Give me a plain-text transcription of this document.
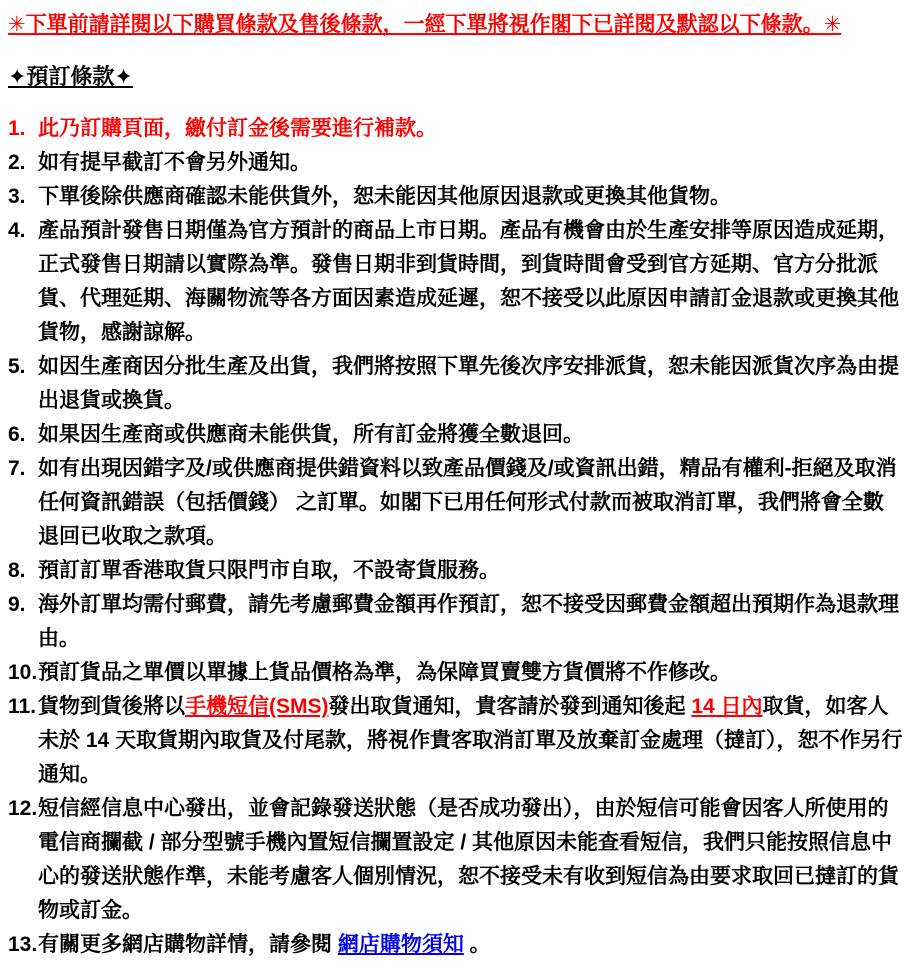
✳下單前請詳閱以下購買條款及售後條款，一經下單將視作閣下已詳閱及默認以下條款。✳

✦預訂條款✦
1. 此乃訂購頁面，繳付訂金後需要進行補款。

2. 如有提早截訂不會另外通知。

3. 下單後除供應商確認未能供貨外，恕未能因其他原因退款或更換其他貨物。

4. 產品預計發售日期僅為官方預計的商品上市日期。產品有機會由於生產安排等原因造成延期，正式發售日期請以實際為準。發售日期非到貨時間，到貨時間會受到官方延期、官方分批派貨、代理延期、海關物流等各方面因素造成延遲，恕不接受以此原因申請訂金退款或更換其他貨物，感謝諒解。

5. 如因生產商因分批生產及出貨，我們將按照下單先後次序安排派貨，恕未能因派貨次序為由提出退貨或換貨。

6. 如果因生產商或供應商未能供貨，所有訂金將獲全數退回。

7. 如有出現因錯字及/或供應商提供錯資料以致產品價錢及/或資訊出錯，精品有權利-拒絕及取消任何資訊錯誤（包括價錢） 之訂單。如閣下已用任何形式付款而被取消訂單，我們將會全數退回已收取之款項。

8. 預訂訂單香港取貨只限門市自取，不設寄貨服務。

9. 海外訂單均需付郵費，請先考慮郵費金額再作預訂，恕不接受因郵費金額超出預期作為退款理由。

10. 預訂貨品之單價以單據上貨品價格為準，為保障買賣雙方貨價將不作修改。

11. 貨物到貨後將以手機短信(SMS)發出取貨通知，貴客請於發到通知後起 14 日內取貨，如客人未於 14 天取貨期內取貨及付尾款，將視作貴客取消訂單及放棄訂金處理（撻訂），恕不作另行通知。

12. 短信經信息中心發出，並會記錄發送狀態（是否成功發出），由於短信可能會因客人所使用的電信商攔截 / 部分型號手機內置短信攔置設定 / 其他原因未能查看短信，我們只能按照信息中心的發送狀態作準，未能考慮客人個別情況，恕不接受未有收到短信為由要求取回已撻訂的貨物或訂金。

13. 有關更多網店購物詳情，請參閱 網店購物須知 。
